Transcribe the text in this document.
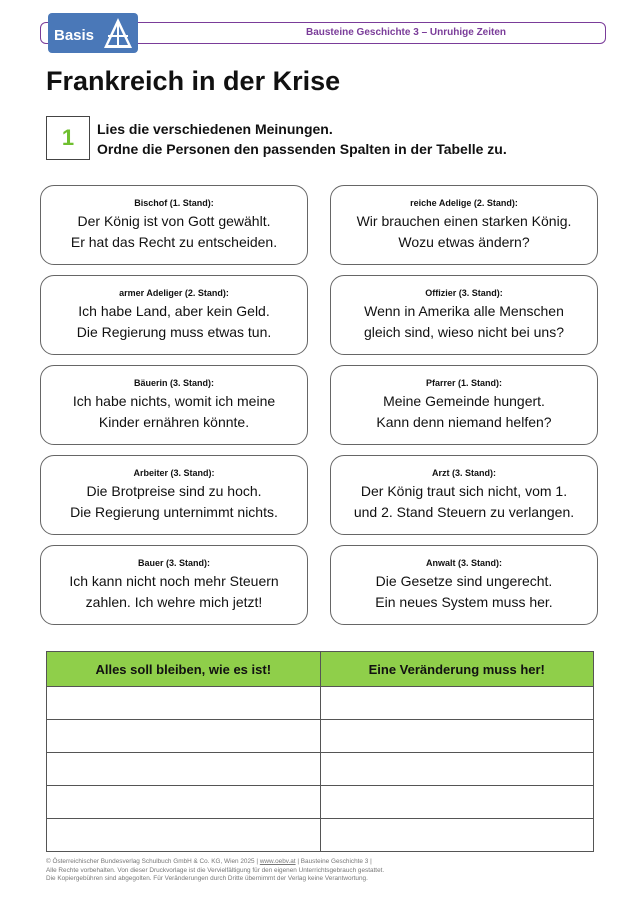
Bausteine Geschichte 3 – Unruhige Zeiten
Basis
Frankreich in der Krise
1	Lies die verschiedenen Meinungen.
Ordne die Personen den passenden Spalten in der Tabelle zu.
Bischof (1. Stand):
Der König ist von Gott gewählt.
Er hat das Recht zu entscheiden.
reiche Adelige (2. Stand):
Wir brauchen einen starken König.
Wozu etwas ändern?
armer Adeliger (2. Stand):
Ich habe Land, aber kein Geld.
Die Regierung muss etwas tun.
Offizier (3. Stand):
Wenn in Amerika alle Menschen
gleich sind, wieso nicht bei uns?
Bäuerin (3. Stand):
Ich habe nichts, womit ich meine
Kinder ernähren könnte.
Pfarrer (1. Stand):
Meine Gemeinde hungert.
Kann denn niemand helfen?
Arbeiter (3. Stand):
Die Brotpreise sind zu hoch.
Die Regierung unternimmt nichts.
Arzt (3. Stand):
Der König traut sich nicht, vom 1.
und 2. Stand Steuern zu verlangen.
Bauer (3. Stand):
Ich kann nicht noch mehr Steuern
zahlen. Ich wehre mich jetzt!
Anwalt (3. Stand):
Die Gesetze sind ungerecht.
Ein neues System muss her.
Alles soll bleiben, wie es ist!	Eine Veränderung muss her!

© Österreichischer Bundesverlag Schulbuch GmbH & Co. KG, Wien 2025 | www.oebv.at | Bausteine Geschichte 3 |
Alle Rechte vorbehalten. Von dieser Druckvorlage ist die Vervielfältigung für den eigenen Unterrichtsgebrauch gestattet.
Die Kopiergebühren sind abgegolten. Für Veränderungen durch Dritte übernimmt der Verlag keine Verantwortung.
